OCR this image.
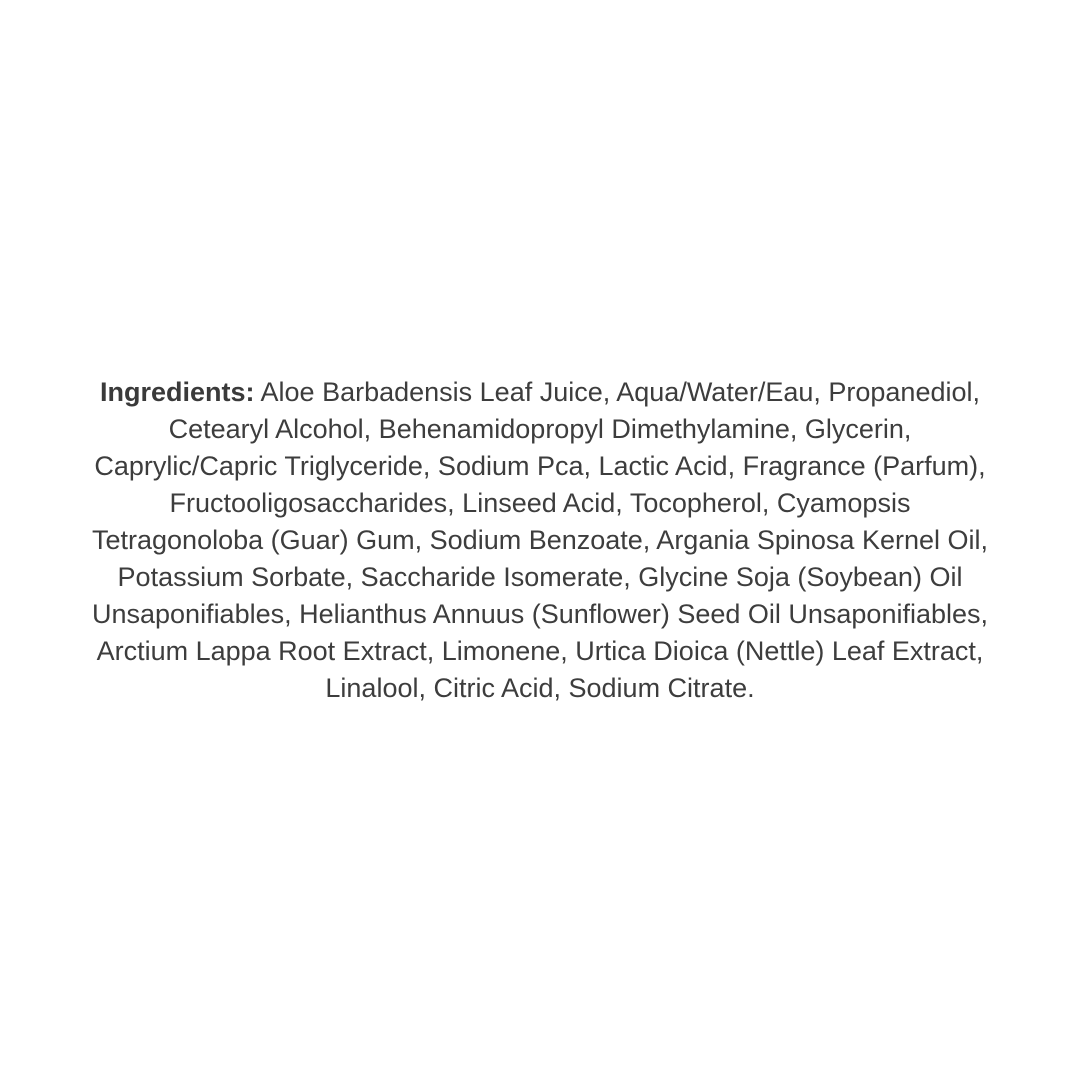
Ingredients: Aloe Barbadensis Leaf Juice, Aqua/Water/Eau, Propanediol, Cetearyl Alcohol, Behenamidopropyl Dimethylamine, Glycerin, Caprylic/Capric Triglyceride, Sodium Pca, Lactic Acid, Fragrance (Parfum), Fructooligosaccharides, Linseed Acid, Tocopherol, Cyamopsis Tetragonoloba (Guar) Gum, Sodium Benzoate, Argania Spinosa Kernel Oil, Potassium Sorbate, Saccharide Isomerate, Glycine Soja (Soybean) Oil Unsaponifiables, Helianthus Annuus (Sunflower) Seed Oil Unsaponifiables, Arctium Lappa Root Extract, Limonene, Urtica Dioica (Nettle) Leaf Extract, Linalool, Citric Acid, Sodium Citrate.
